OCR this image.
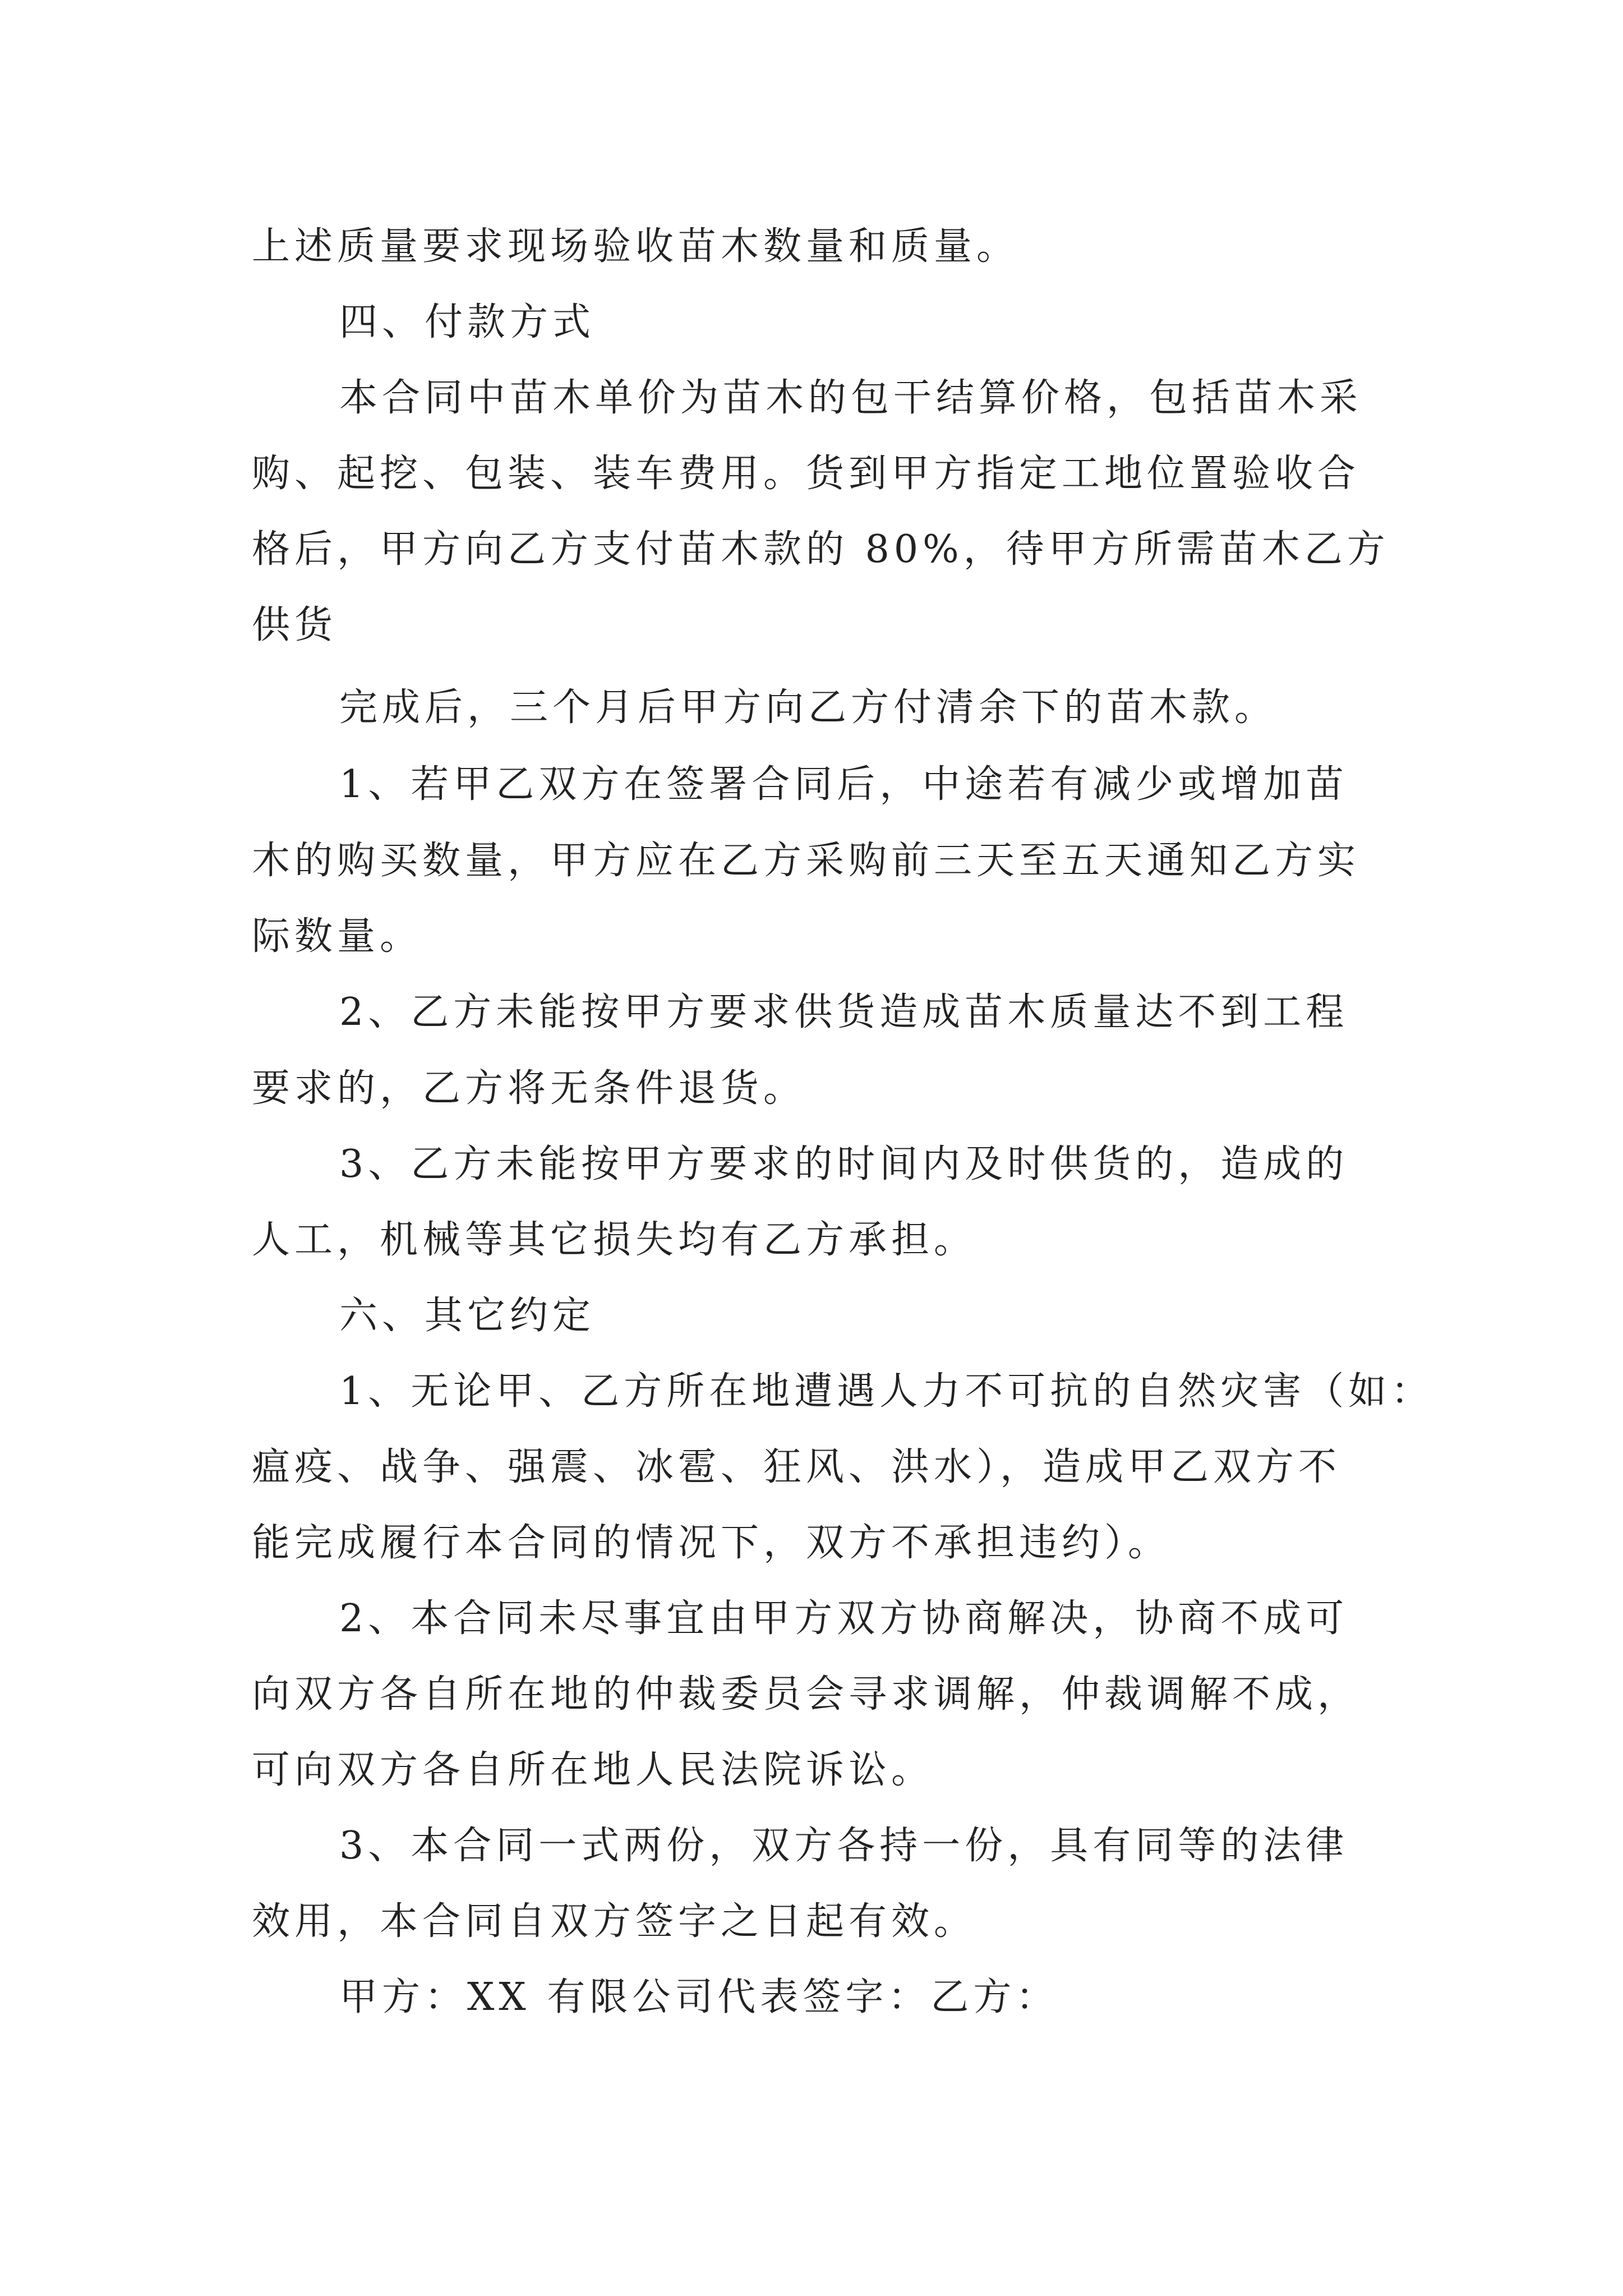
上述质量要求现场验收苗木数量和质量。

四、付款方式

本合同中苗木单价为苗木的包干结算价格，包括苗木采

购、起挖、包装、装车费用。货到甲方指定工地位置验收合

格后，甲方向乙方支付苗木款的 80%，待甲方所需苗木乙方

供货

完成后，三个月后甲方向乙方付清余下的苗木款。

1、若甲乙双方在签署合同后，中途若有减少或增加苗

木的购买数量，甲方应在乙方采购前三天至五天通知乙方实

际数量。

2、乙方未能按甲方要求供货造成苗木质量达不到工程

要求的，乙方将无条件退货。

3、乙方未能按甲方要求的时间内及时供货的，造成的

人工，机械等其它损失均有乙方承担。

六、其它约定

1、无论甲、乙方所在地遭遇人力不可抗的自然灾害（如：

瘟疫、战争、强震、冰雹、狂风、洪水），造成甲乙双方不

能完成履行本合同的情况下，双方不承担违约）。

2、本合同未尽事宜由甲方双方协商解决，协商不成可

向双方各自所在地的仲裁委员会寻求调解，仲裁调解不成，

可向双方各自所在地人民法院诉讼。

3、本合同一式两份，双方各持一份，具有同等的法律

效用，本合同自双方签字之日起有效。

甲方：XX 有限公司代表签字：乙方：
